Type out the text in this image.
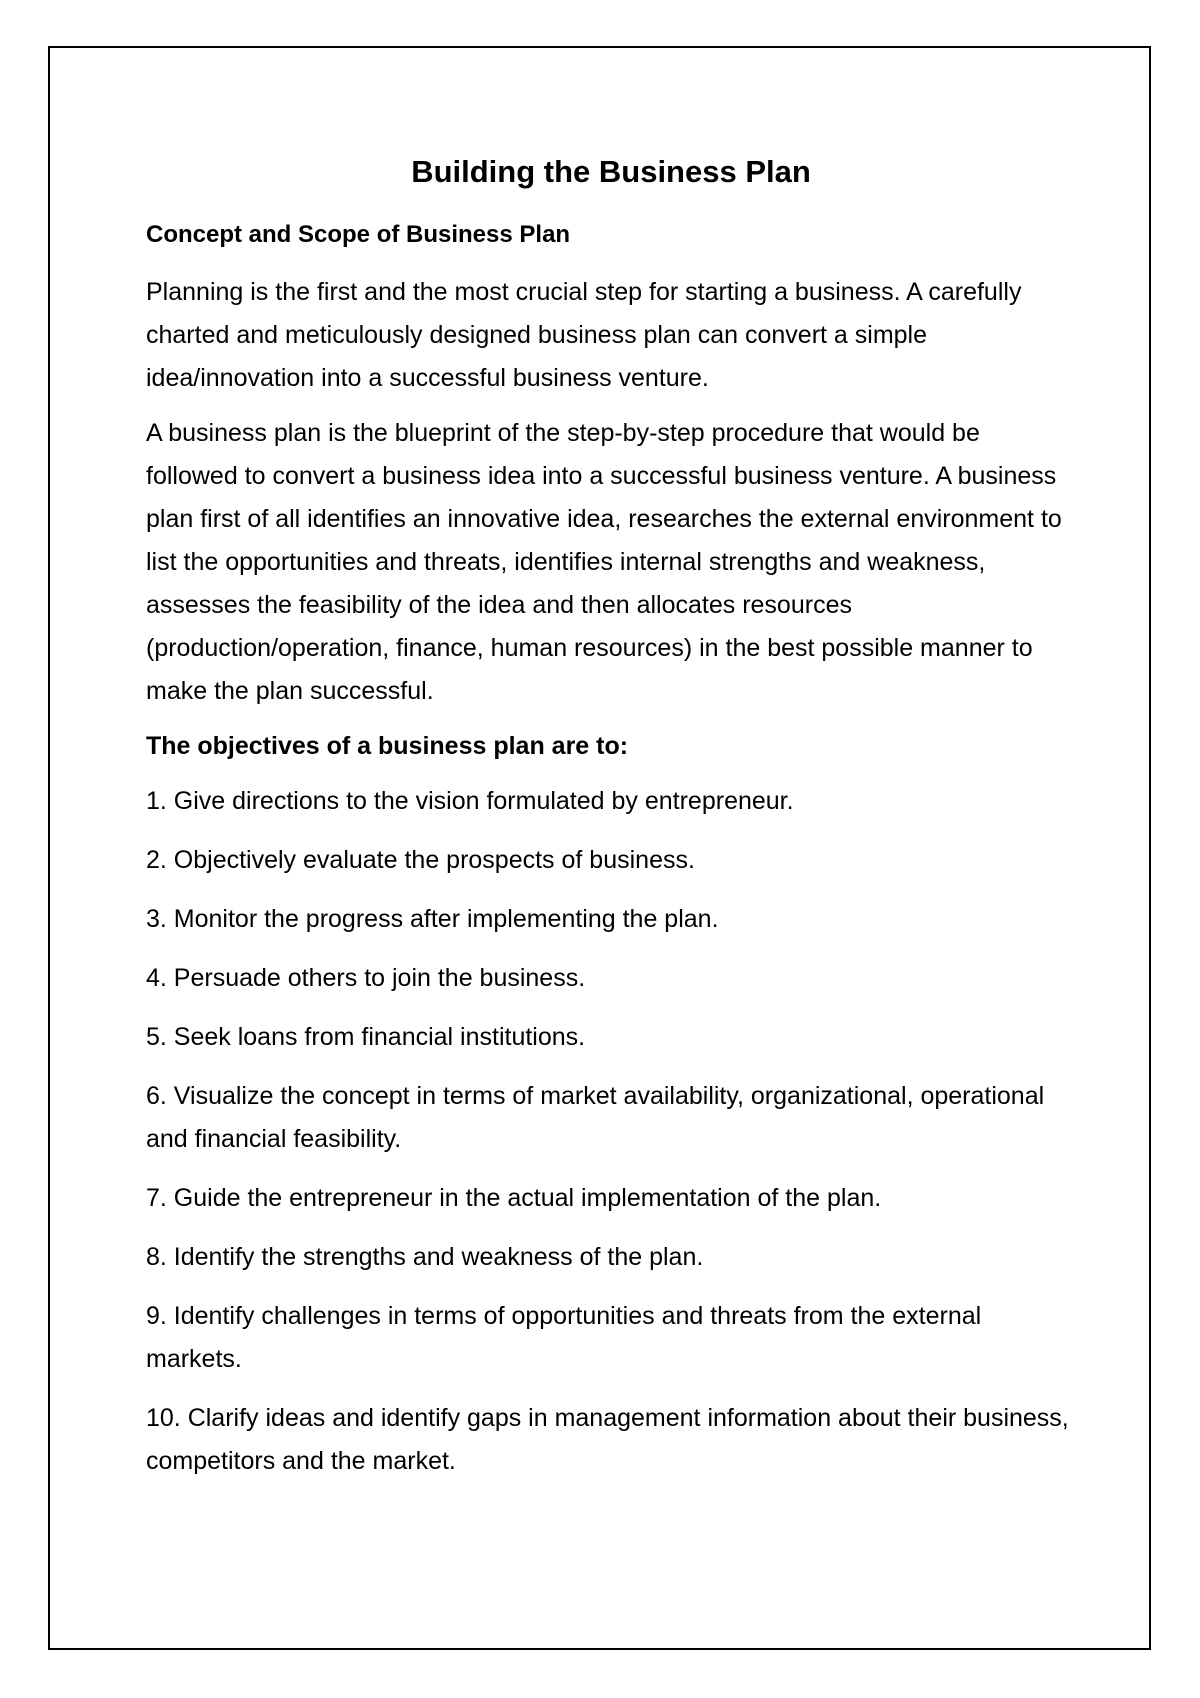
Building the Business Plan
Concept and Scope of Business Plan

Planning is the first and the most crucial step for starting a business. A carefully charted and meticulously designed business plan can convert a simple idea/innovation into a successful business venture.

A business plan is the blueprint of the step-by-step procedure that would be followed to convert a business idea into a successful business venture. A business plan first of all identifies an innovative idea, researches the external environment to list the opportunities and threats, identifies internal strengths and weakness, assesses the feasibility of the idea and then allocates resources (production/operation, finance, human resources) in the best possible manner to make the plan successful.

The objectives of a business plan are to:
1. Give directions to the vision formulated by entrepreneur.
2. Objectively evaluate the prospects of business.
3. Monitor the progress after implementing the plan.
4. Persuade others to join the business.
5. Seek loans from financial institutions.
6. Visualize the concept in terms of market availability, organizational, operational and financial feasibility.
7. Guide the entrepreneur in the actual implementation of the plan.
8. Identify the strengths and weakness of the plan.
9. Identify challenges in terms of opportunities and threats from the external markets.
10. Clarify ideas and identify gaps in management information about their business, competitors and the market.
